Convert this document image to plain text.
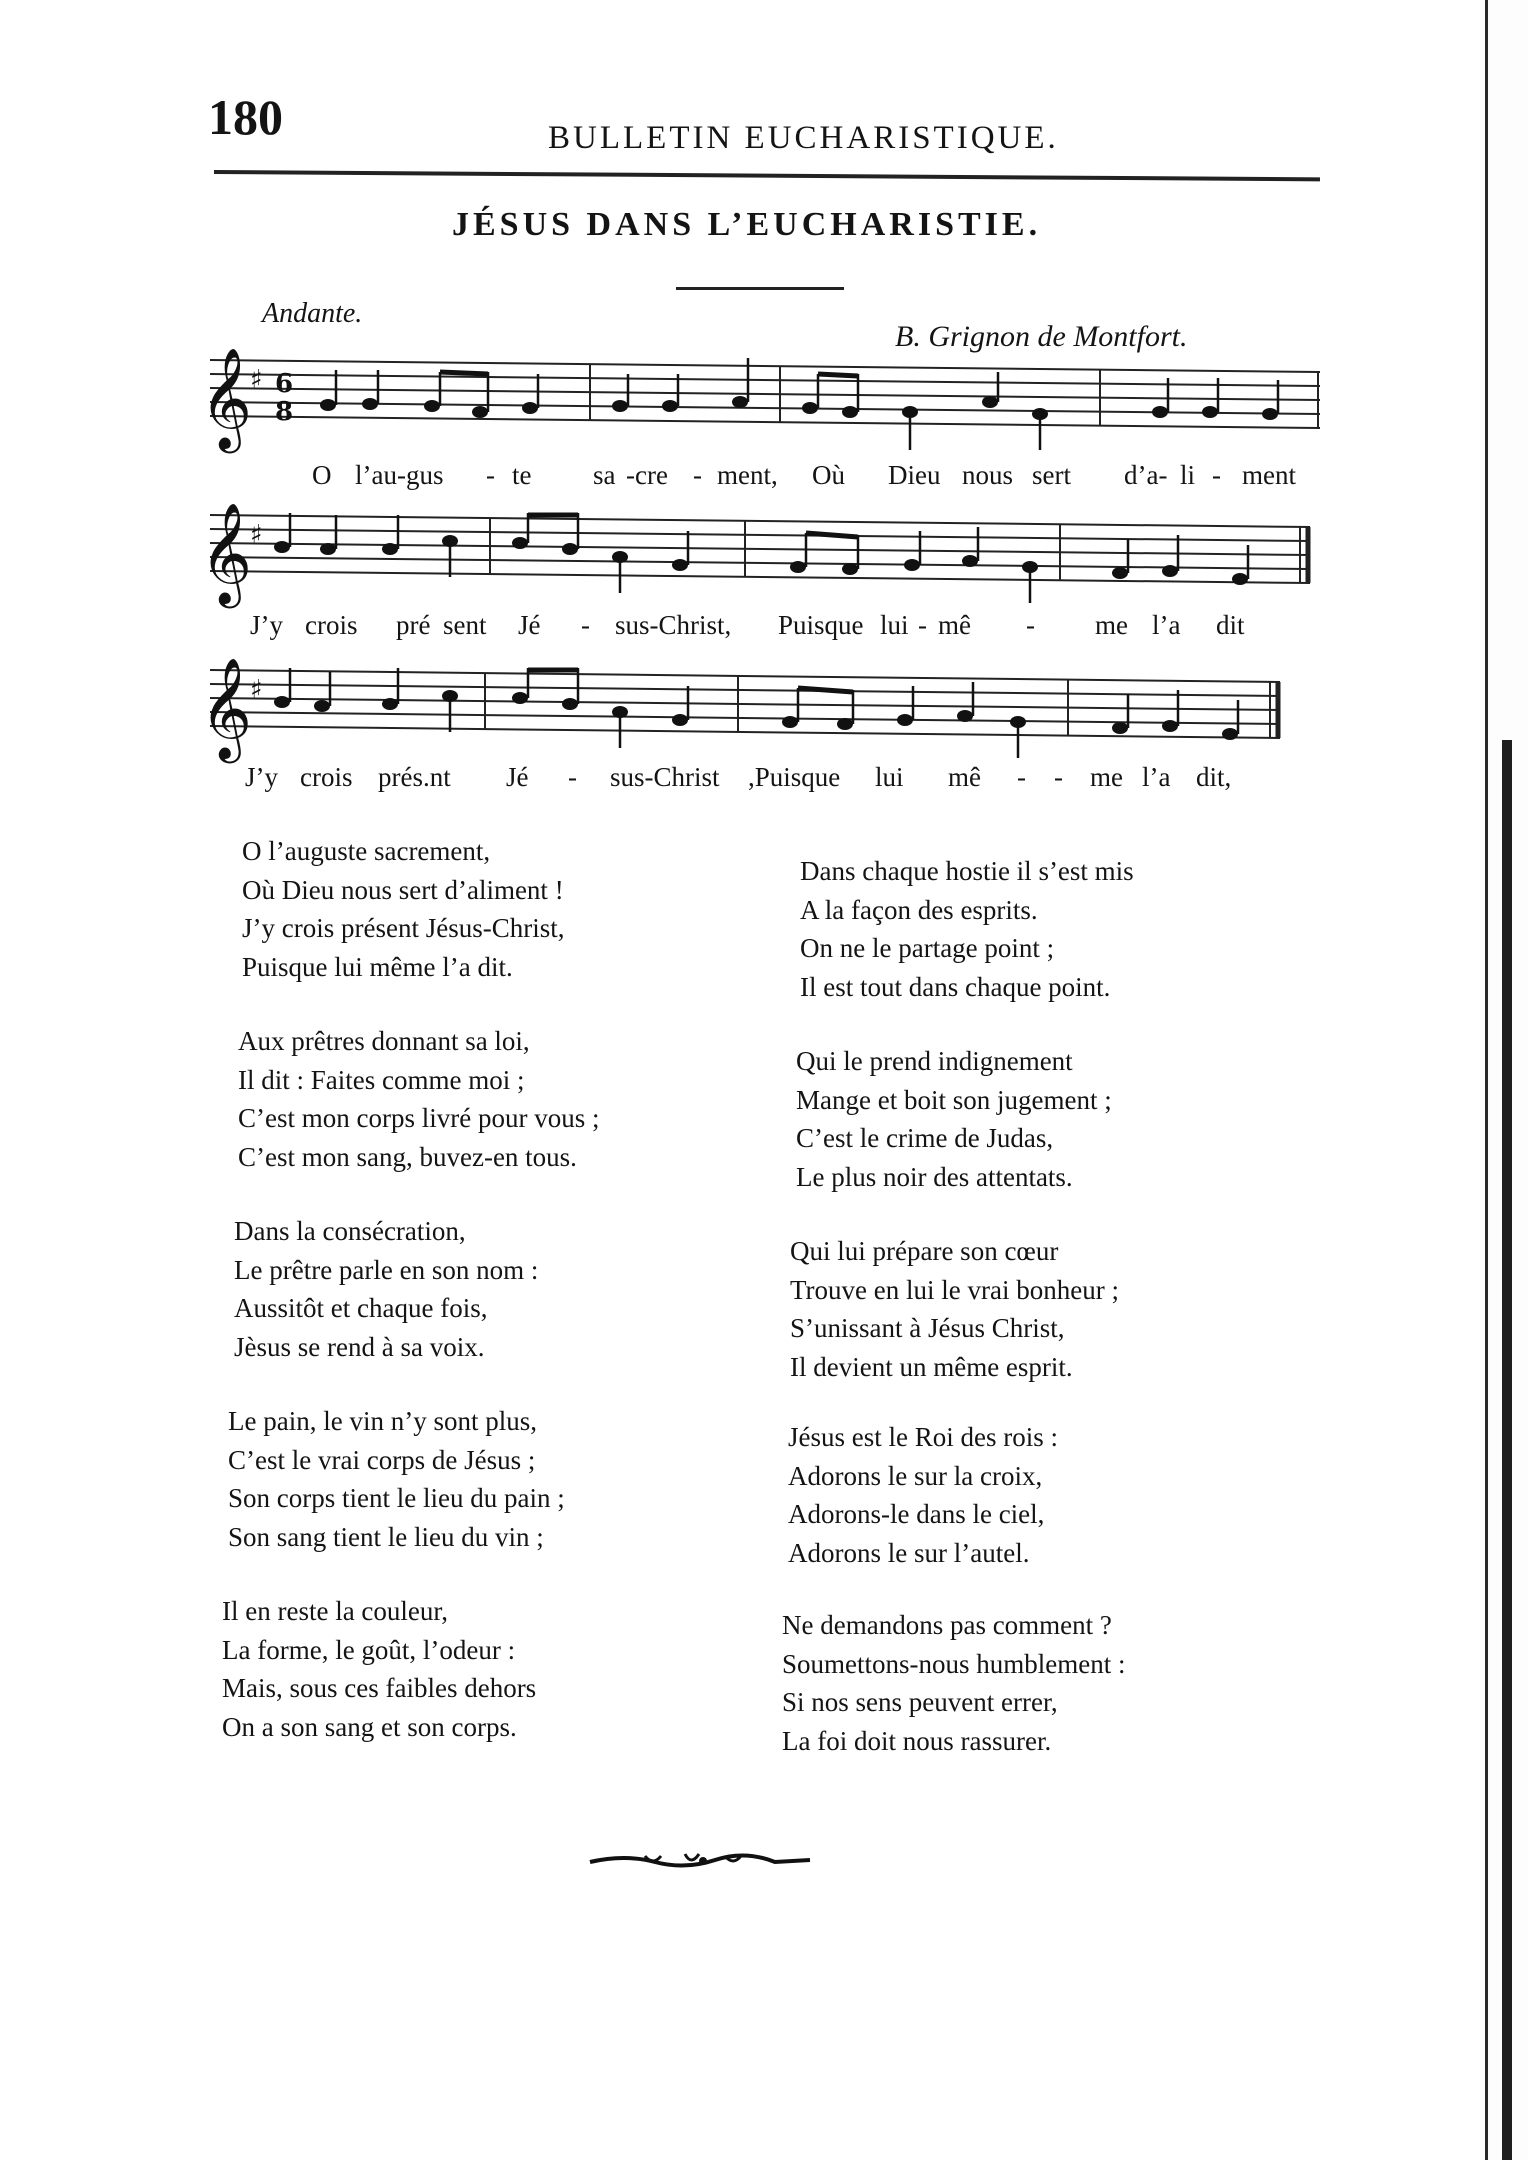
180	BULLETIN EUCHARISTIQUE.
JÉSUS DANS L’EUCHARISTIE.
Andante.
B. Grignon de Montfort.
𝄞
♯ 6
8

O

l’au-gus

-

te

sa

-cre

-

ment,

Où

Dieu

nous

sert

d’a-

li

-

ment

𝄞
♯

J’y

crois

pré

sent

Jé

-

sus-Christ,

Puisque

lui

-

mê

-

me

l’a

dit

𝄞
♯

J’y

crois

prés.nt

Jé

-

sus-Christ

,Puisque

lui

mê

-

-

me

l’a

dit,

O l’auguste sacrement,
Où Dieu nous sert d’aliment !
J’y crois présent Jésus-Christ,
Puisque lui même l’a dit.
Aux prêtres donnant sa loi,
Il dit : Faites comme moi ;
C’est mon corps livré pour vous ;
C’est mon sang, buvez-en tous.
Dans la consécration,
Le prêtre parle en son nom :
Aussitôt et chaque fois,
Jèsus se rend à sa voix.
Le pain, le vin n’y sont plus,
C’est le vrai corps de Jésus ;
Son corps tient le lieu du pain ;
Son sang tient le lieu du vin ;
Il en reste la couleur,
La forme, le goût, l’odeur :
Mais, sous ces faibles dehors
On a son sang et son corps.
Dans chaque hostie il s’est mis
A la façon des esprits.
On ne le partage point ;
Il est tout dans chaque point.
Qui le prend indignement
Mange et boit son jugement ;
C’est le crime de Judas,
Le plus noir des attentats.
Qui lui prépare son cœur
Trouve en lui le vrai bonheur ;
S’unissant à Jésus Christ,
Il devient un même esprit.
Jésus est le Roi des rois :
Adorons le sur la croix,
Adorons-le dans le ciel,
Adorons le sur l’autel.
Ne demandons pas comment ?
Soumettons-nous humblement :
Si nos sens peuvent errer,
La foi doit nous rassurer.
